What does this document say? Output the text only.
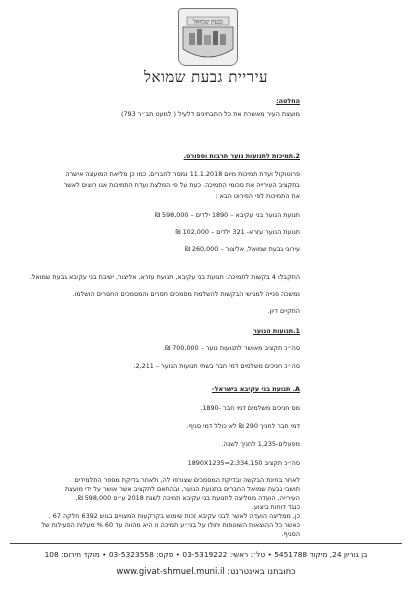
גבעת שמואל
עיריית גבעת שמואל
החלטה:
מועצת העיר מאשרת את כל התבחינים דלעיל ( למעט תב״ר 793)
2.תמיכות לתנועות נוער תרבות וספורט.
פרוטוקול ועדת תמיכות מיום 11.1.2018 נמסר לחברים, כמו כן מליאת המועצה אישרה
בתקציב העירייה את סכומי התמיכה. כעת על פי המלצת ועדת התמיכות אנו רוצים לאשר
את התמיכות לפי הפירוט הבא :
תנועת הנוער בני עקיבא – 1890 ילדים – 598,000 ₪
תנועת הנוער עזרא- 321 ילדים – 102,000 ₪
עירוני גבעת שמואל, אליצור – 260,000 ₪
התקבלו 4 בקשות לתמיכה: תנועת בני עקיבא, תנועת עזרא, אליצור, ישיבת בני עקיבא גבעת שמואל.
נמשכה פנייה למגישי הבקשות להשלמת מסמכים חסרים והמסמכים החסרים הושלמו.
התקיים דיון.
1.תנועות הנוער
סה״כ תקציב מאושר לתנועות נוער – 700,000 ₪.
סה״כ חניכים משלמים דמי חבר בשתי תנועות הנוער – 2,211.
A. תנועת בני עקיבא בישראל-
מס חניכים משלמים דמי חבר -1890.
דמי חבר לחניך 290 ₪ לא כולל דמי סניף.
מפעלים-1,235 לחניך לשנה.
סה״כ תקציב 2,334,150=1890X1235
לאחר בחינת הבקשה ובדיקת המסמכים שצורפו לה, ולאחר בדיקת מספר התלמידים
תושבי גבעת שמואל החברים בתנועת הנוער, ובהתאם לתקציב אשר אושר על ידי מועצת
העירייה, הועדה ממליצה לתנועת בני עקיבא תמיכה לשנת 2018 ע״ס 598,000 ₪,
כנגד דוחות ביצוע.
כן, ממליצה הועדה לאשר לבני עקיבא זכות שימוש בקרקעות המצויים בגוש 6392 חלקה 67 ,
כאשר כל ההוצאות השוטפות יחולו על בני״ע תמיכה זו היא מהווה עד 60 % מעלות הפעילות של
הסניף.
בן גוריון 24, מיקוד 5451788 • טל׳: ראשי: 03-5319222 • פקס: 03-5323558 • מוקד חירום: 108
כתובתנו באינטרנט: www.givat-shmuel.muni.il
